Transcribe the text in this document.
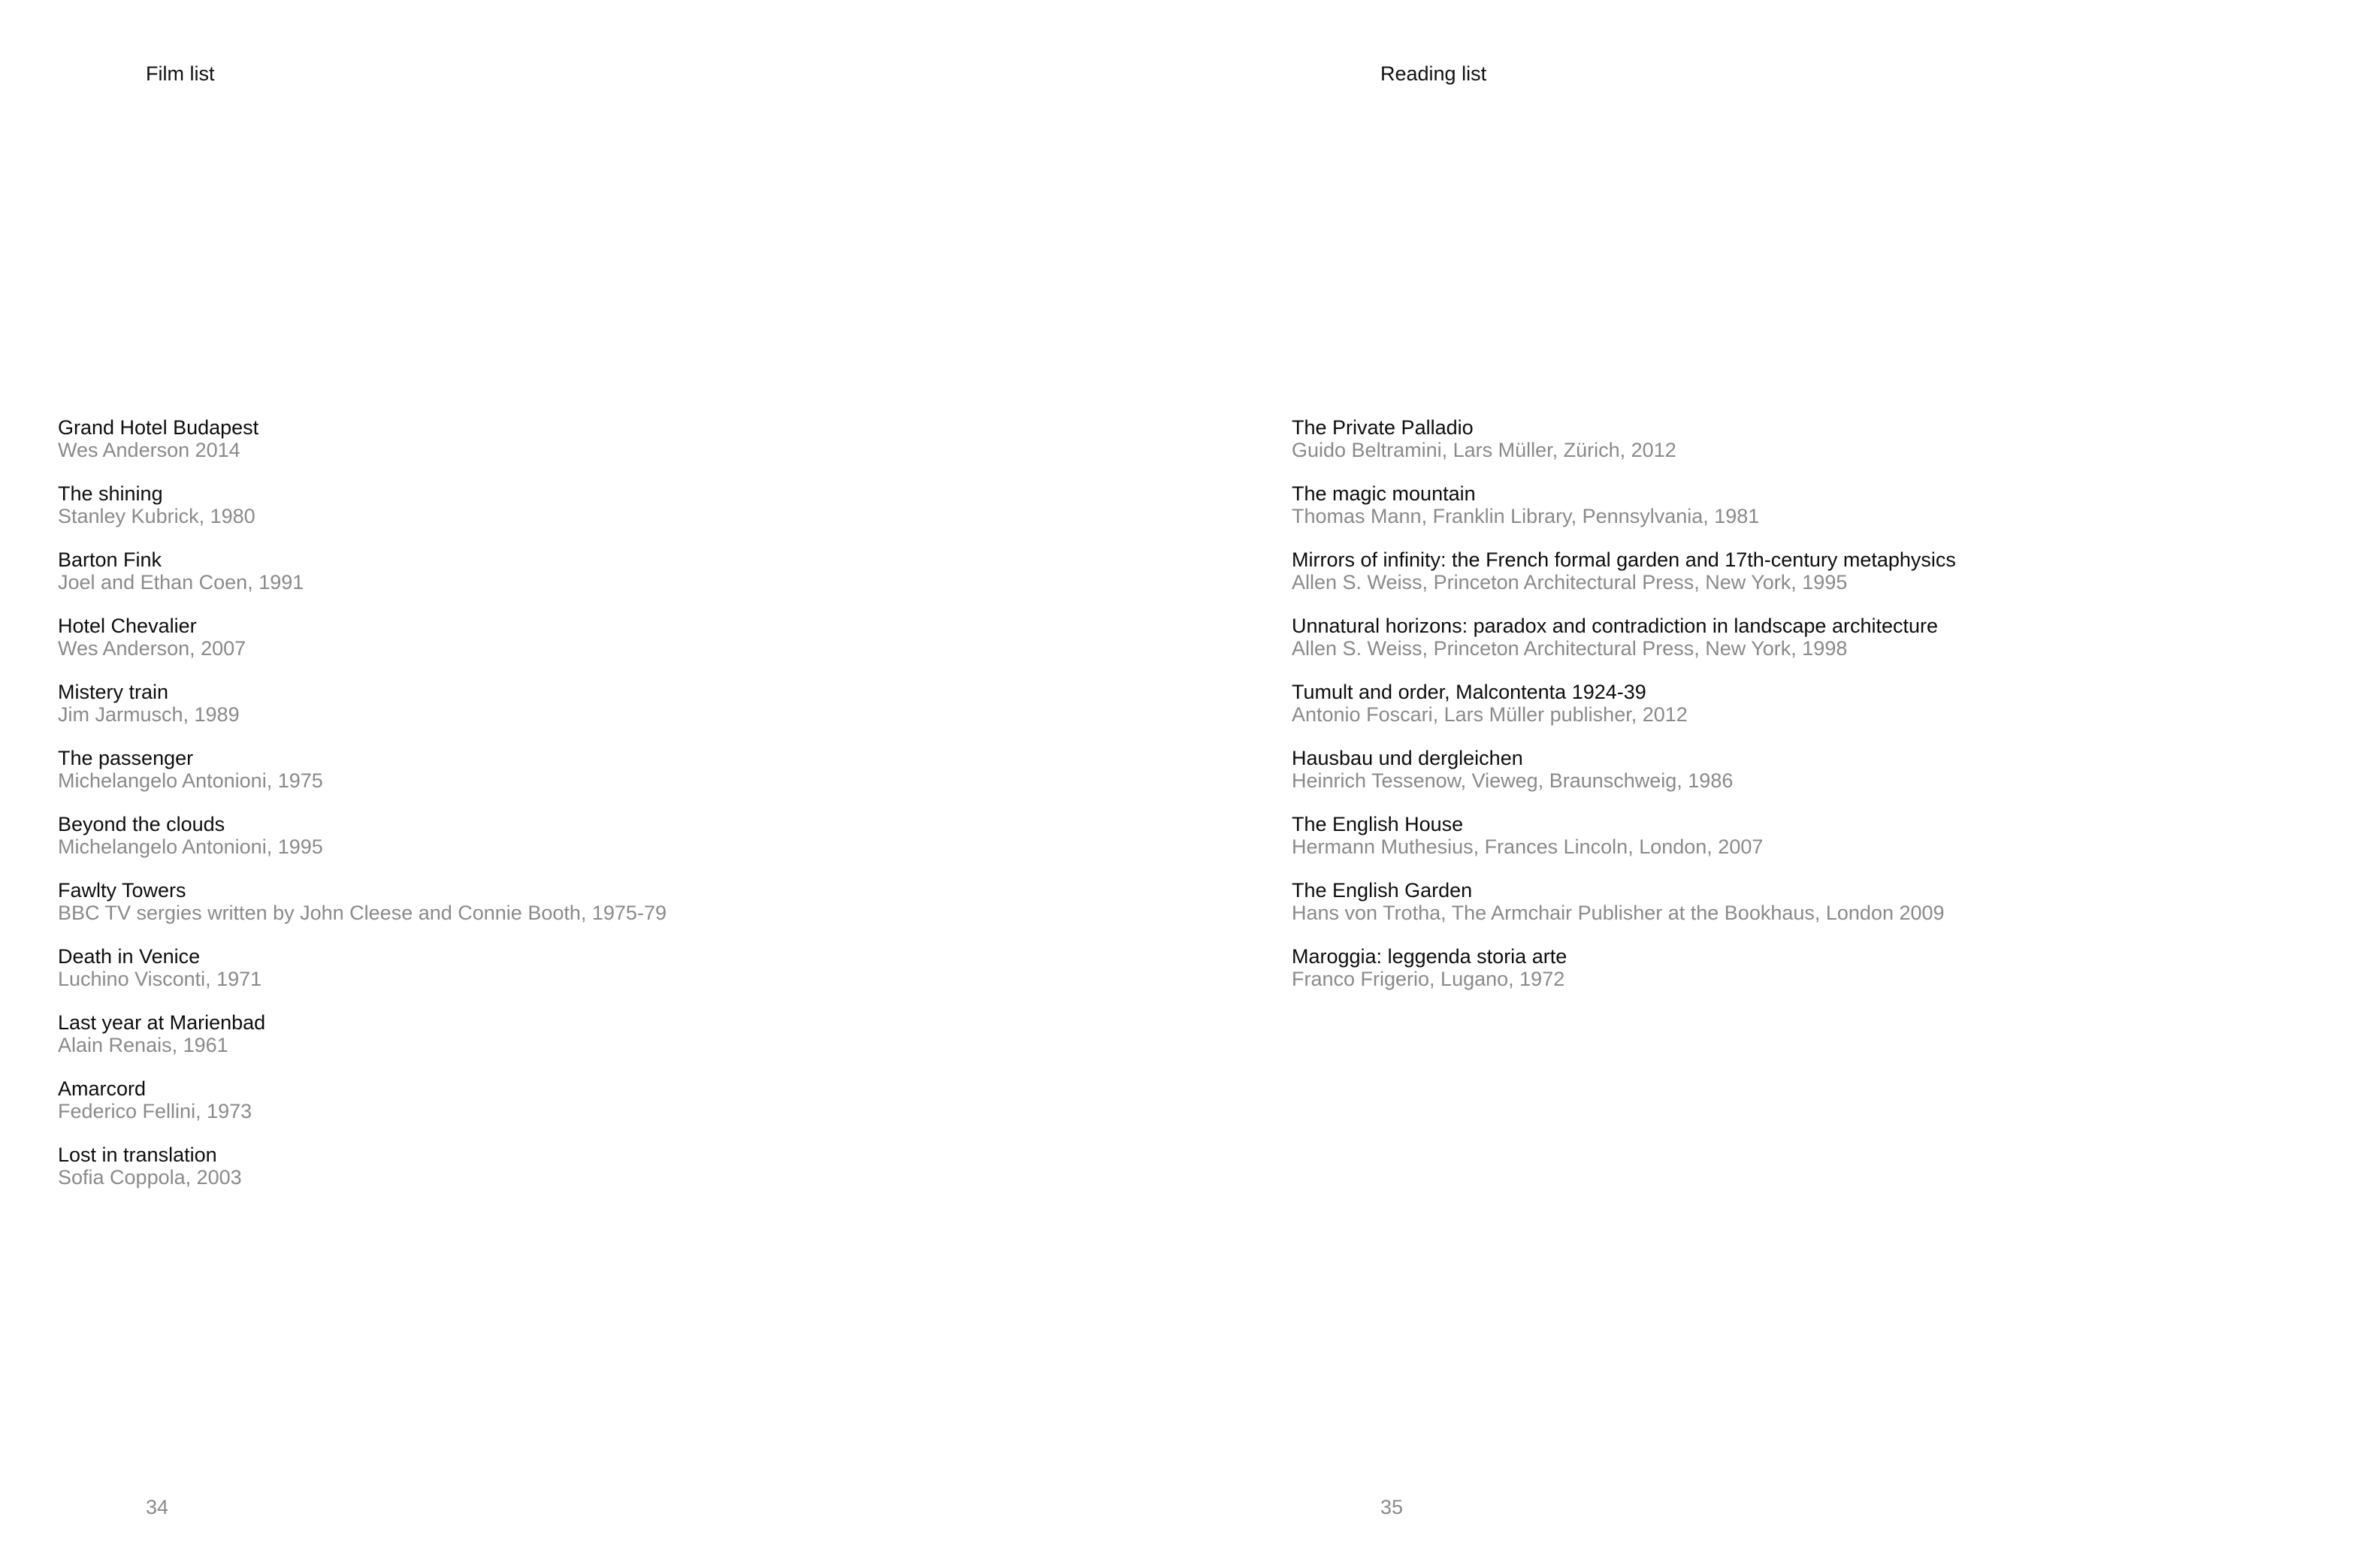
Film list
Grand Hotel Budapest
Wes Anderson 2014
The shining
Stanley Kubrick, 1980
Barton Fink
Joel and Ethan Coen, 1991
Hotel Chevalier
Wes Anderson, 2007
Mistery train
Jim Jarmusch, 1989
The passenger
Michelangelo Antonioni, 1975
Beyond the clouds
Michelangelo Antonioni, 1995
Fawlty Towers
BBC TV sergies written by John Cleese and Connie Booth, 1975-79
Death in Venice
Luchino Visconti, 1971
Last year at Marienbad
Alain Renais, 1961
Amarcord
Federico Fellini, 1973
Lost in translation
Sofia Coppola, 2003
34
Reading list
The Private Palladio
Guido Beltramini, Lars Müller, Zürich, 2012
The magic mountain
Thomas Mann, Franklin Library, Pennsylvania, 1981
Mirrors of infinity: the French formal garden and 17th-century metaphysics
Allen S. Weiss, Princeton Architectural Press, New York, 1995
Unnatural horizons: paradox and contradiction in landscape architecture
Allen S. Weiss, Princeton Architectural Press, New York, 1998
Tumult and order, Malcontenta 1924-39
Antonio Foscari, Lars Müller publisher, 2012
Hausbau und dergleichen
Heinrich Tessenow, Vieweg, Braunschweig, 1986
The English House
Hermann Muthesius, Frances Lincoln, London, 2007
The English Garden
Hans von Trotha, The Armchair Publisher at the Bookhaus, London 2009
Maroggia: leggenda storia arte
Franco Frigerio, Lugano, 1972
35
